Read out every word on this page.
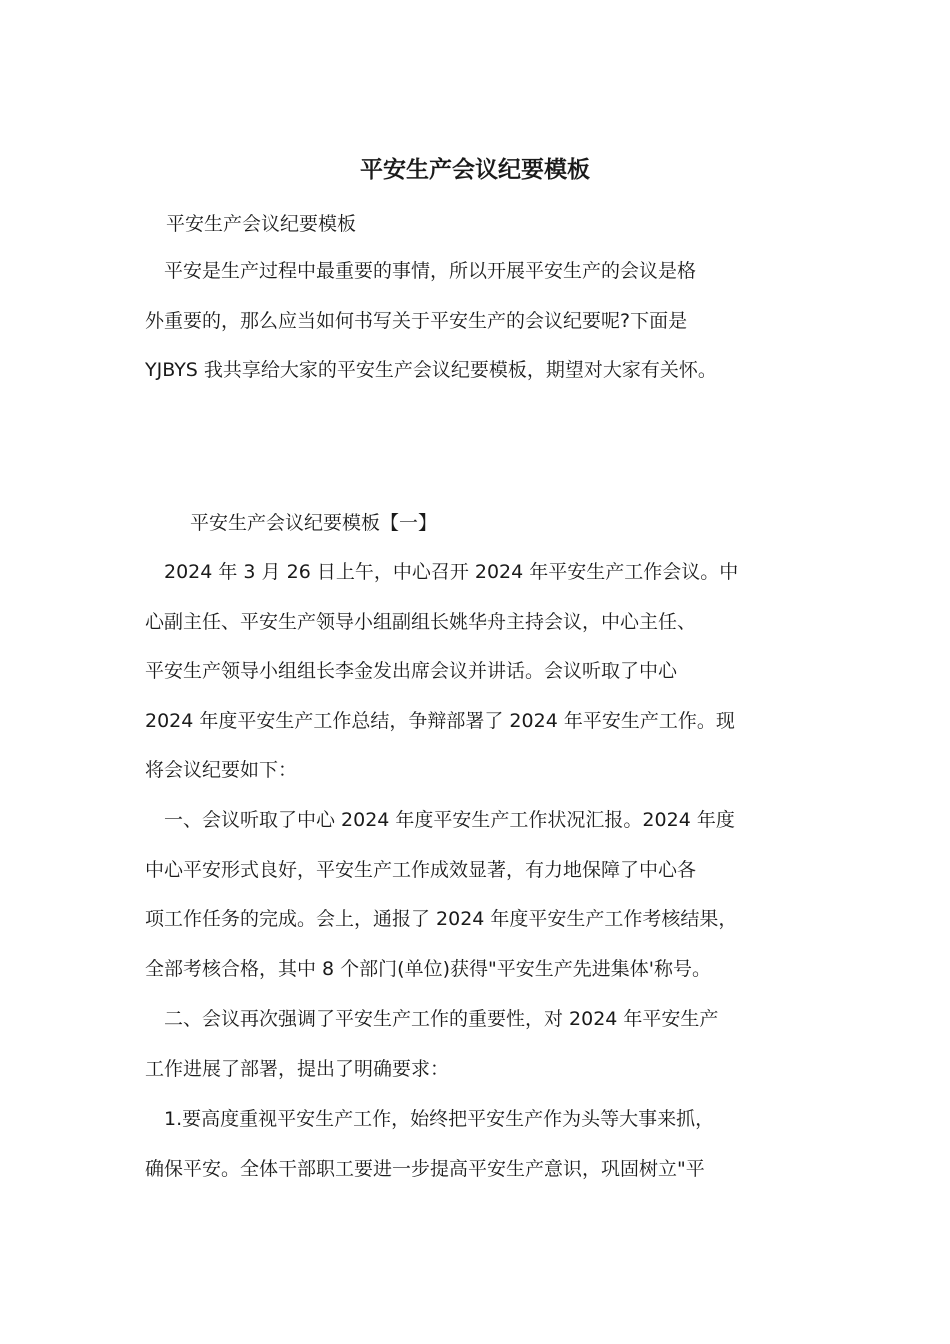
平安生产会议纪要模板

平安生产会议纪要模板

　平安是生产过程中最重要的事情，所以开展平安生产的会议是格
外重要的，那么应当如何书写关于平安生产的会议纪要呢?下面是
YJBYS 我共享给大家的平安生产会议纪要模板，期望对大家有关怀。

平安生产会议纪要模板【一】

　2024 年 3 月 26 日上午，中心召开 2024 年平安生产工作会议。中
心副主任、平安生产领导小组副组长姚华舟主持会议，中心主任、
平安生产领导小组组长李金发出席会议并讲话。会议听取了中心
2024 年度平安生产工作总结，争辩部署了 2024 年平安生产工作。现
将会议纪要如下：

　一、会议听取了中心 2024 年度平安生产工作状况汇报。2024 年度
中心平安形式良好，平安生产工作成效显著，有力地保障了中心各
项工作任务的完成。会上，通报了 2024 年度平安生产工作考核结果，
全部考核合格，其中 8 个部门(单位)获得"平安生产先进集体'称号。

　二、会议再次强调了平安生产工作的重要性，对 2024 年平安生产
工作进展了部署，提出了明确要求：

　1.要高度重视平安生产工作，始终把平安生产作为头等大事来抓，
确保平安。全体干部职工要进一步提高平安生产意识，巩固树立"平
